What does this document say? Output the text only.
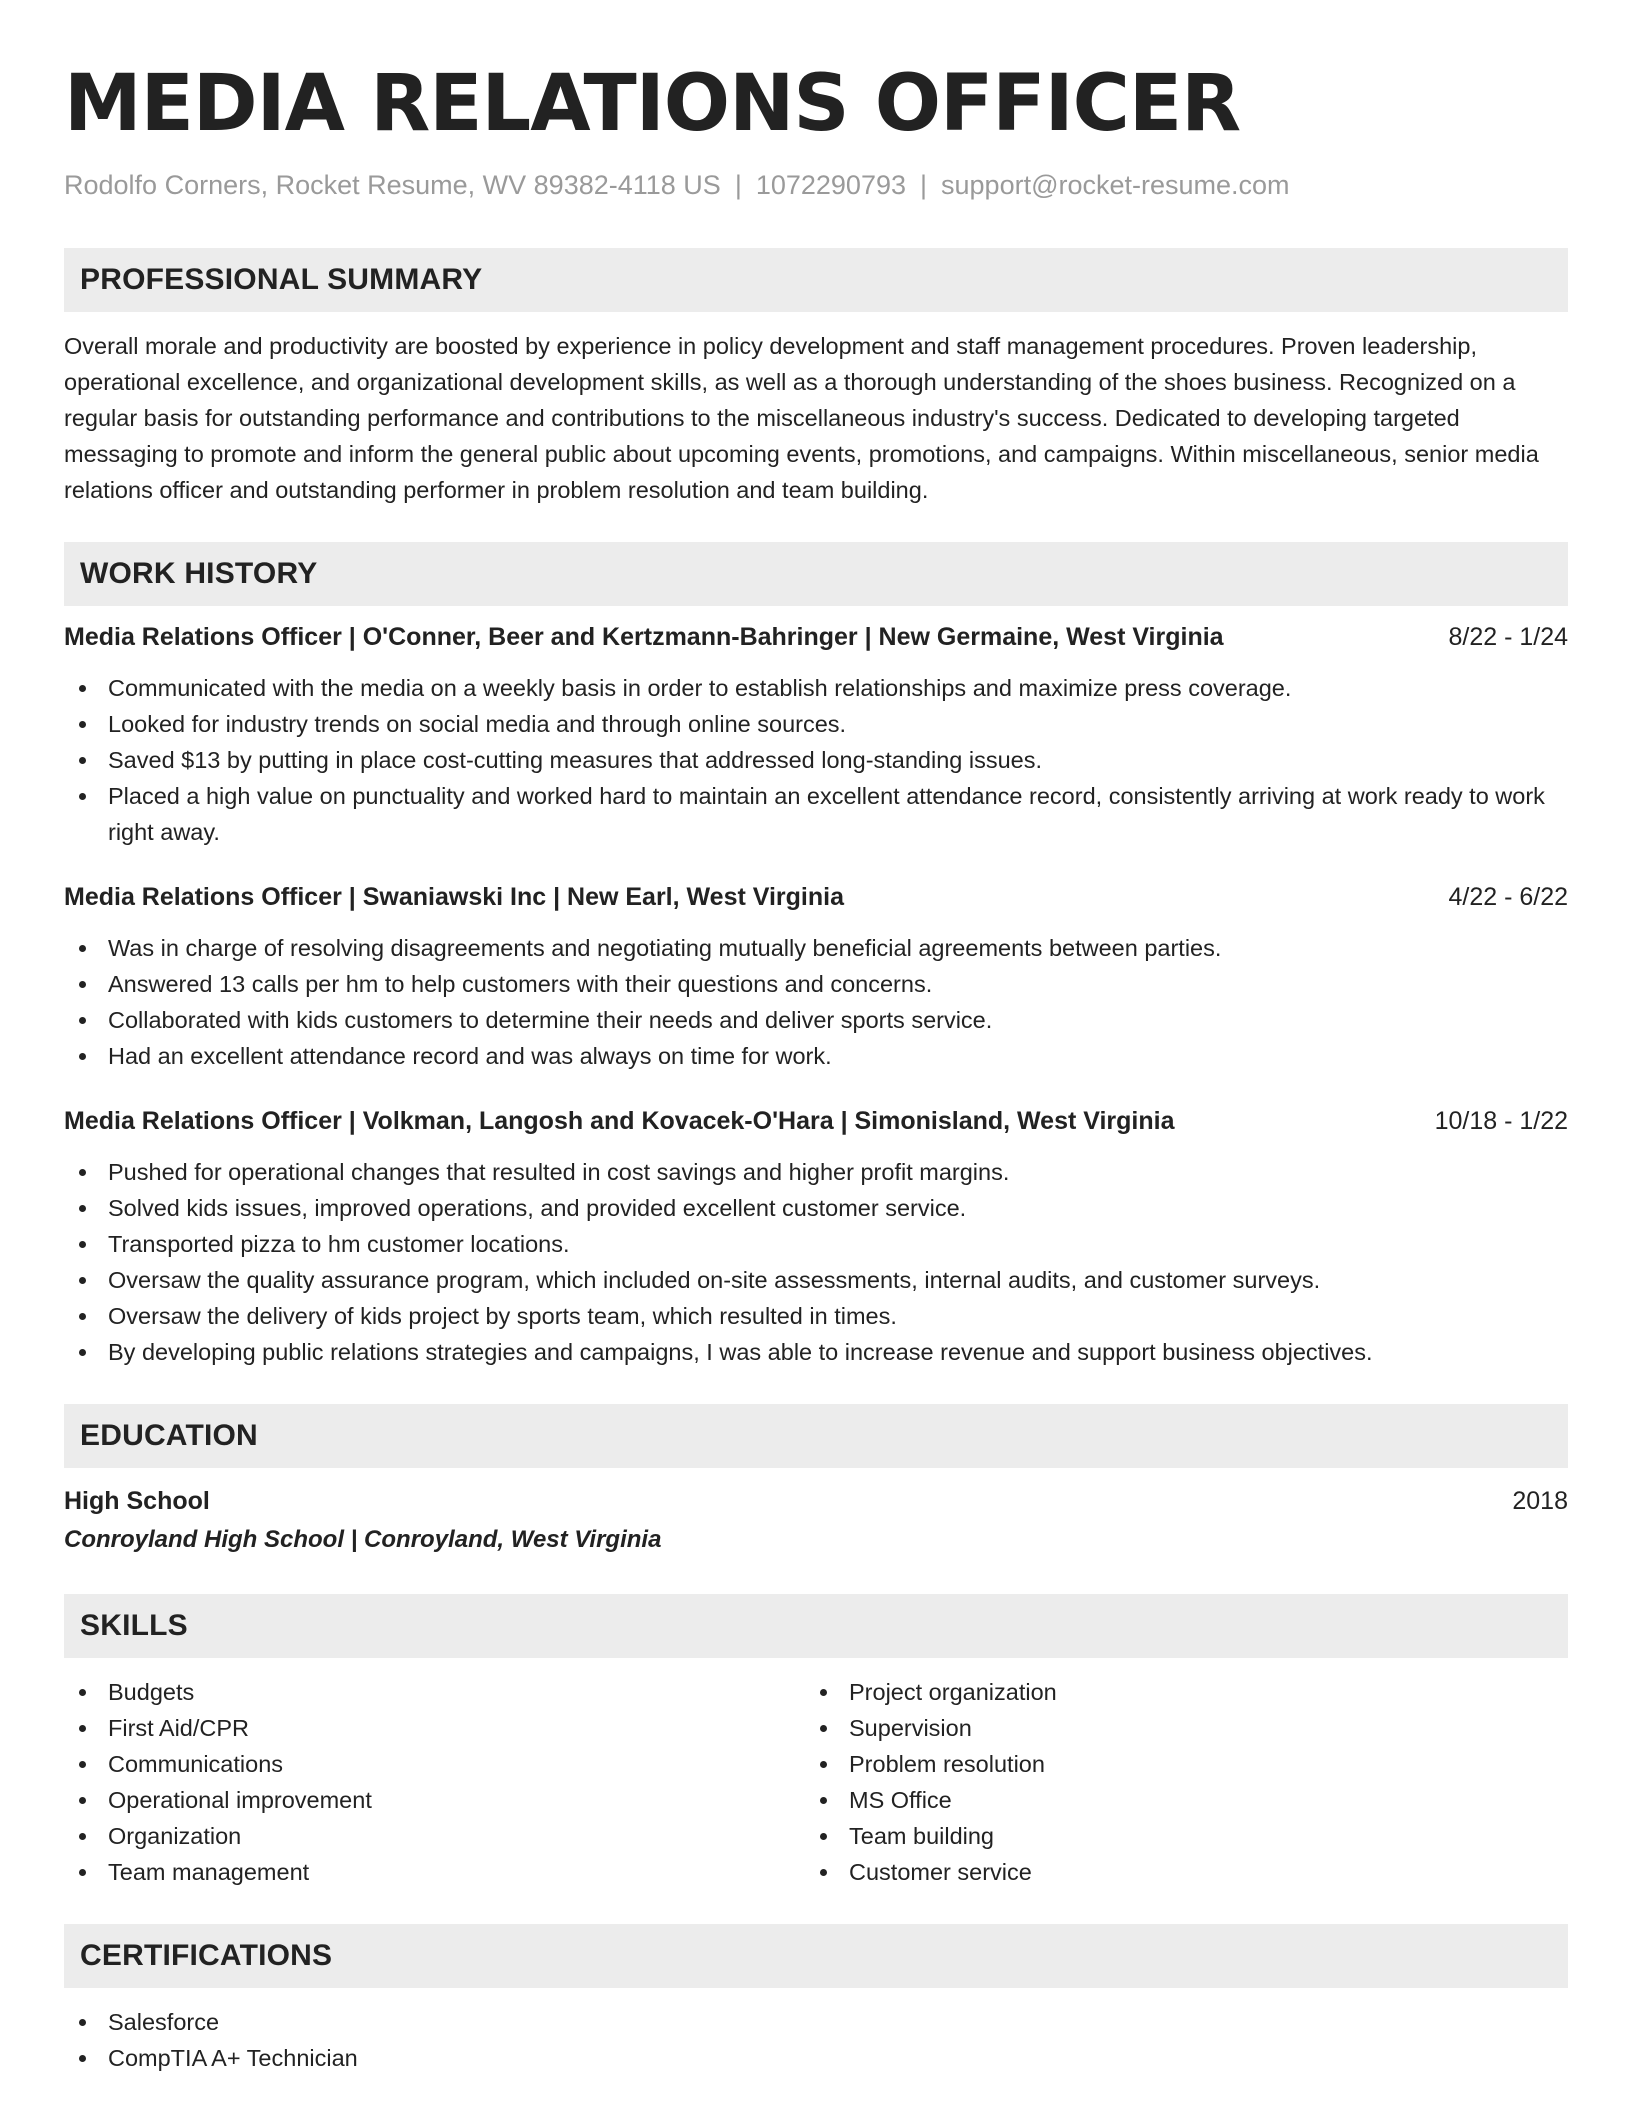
MEDIA RELATIONS OFFICER
Rodolfo Corners, Rocket Resume, WV 89382-4118 US | 1072290793 | support@rocket-resume.com
PROFESSIONAL SUMMARY

Overall morale and productivity are boosted by experience in policy development and staff management procedures. Proven leadership, operational excellence, and organizational development skills, as well as a thorough understanding of the shoes business. Recognized on a regular basis for outstanding performance and contributions to the miscellaneous industry's success. Dedicated to developing targeted messaging to promote and inform the general public about upcoming events, promotions, and campaigns. Within miscellaneous, senior media relations officer and outstanding performer in problem resolution and team building.

WORK HISTORY
Media Relations Officer | O'Conner, Beer and Kertzmann-Bahringer | New Germaine, West Virginia	8/22 - 1/24
Communicated with the media on a weekly basis in order to establish relationships and maximize press coverage.
Looked for industry trends on social media and through online sources.
Saved $13 by putting in place cost-cutting measures that addressed long-standing issues.
Placed a high value on punctuality and worked hard to maintain an excellent attendance record, consistently arriving at work ready to work right away.
Media Relations Officer | Swaniawski Inc | New Earl, West Virginia	4/22 - 6/22
Was in charge of resolving disagreements and negotiating mutually beneficial agreements between parties.
Answered 13 calls per hm to help customers with their questions and concerns.
Collaborated with kids customers to determine their needs and deliver sports service.
Had an excellent attendance record and was always on time for work.
Media Relations Officer | Volkman, Langosh and Kovacek-O'Hara | Simonisland, West Virginia	10/18 - 1/22
Pushed for operational changes that resulted in cost savings and higher profit margins.
Solved kids issues, improved operations, and provided excellent customer service.
Transported pizza to hm customer locations.
Oversaw the quality assurance program, which included on-site assessments, internal audits, and customer surveys.
Oversaw the delivery of kids project by sports team, which resulted in times.
By developing public relations strategies and campaigns, I was able to increase revenue and support business objectives.
EDUCATION
High School	2018
Conroyland High School | Conroyland, West Virginia
SKILLS
Budgets
First Aid/CPR
Communications
Operational improvement
Organization
Team management
Project organization
Supervision
Problem resolution
MS Office
Team building
Customer service
CERTIFICATIONS
Salesforce
CompTIA A+ Technician
